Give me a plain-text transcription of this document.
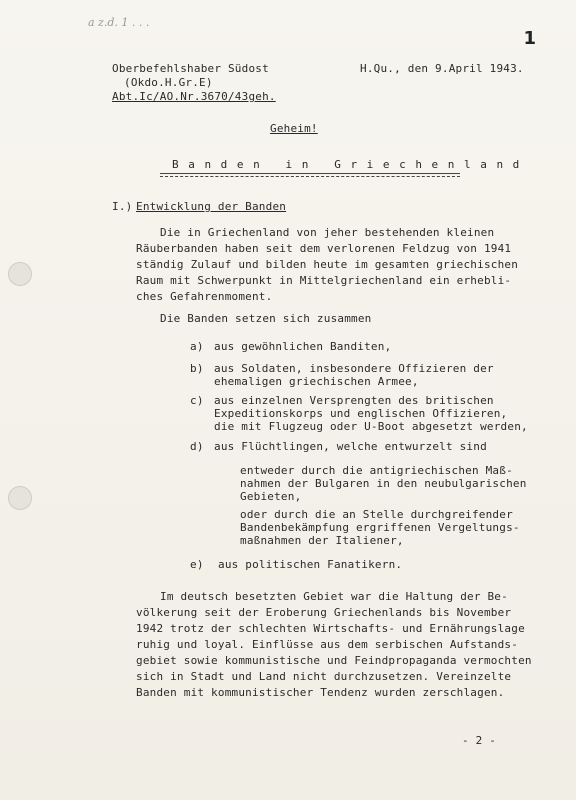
a z.d. 1 . . .
1
Oberbefehlshaber Südost
(Okdo.H.Gr.E)
Abt.Ic/AO.Nr.3670/43geh.
H.Qu., den 9.April 1943.
Geheim!
Banden in Griechenland
I.) Entwicklung der Banden
Die in Griechenland von jeher bestehenden kleinen
Räuberbanden haben seit dem verlorenen Feldzug von 1941
ständig Zulauf und bilden heute im gesamten griechischen
Raum mit Schwerpunkt in Mittelgriechenland ein erhebli-
ches Gefahrenmoment.
Die Banden setzen sich zusammen
a) aus gewöhnlichen Banditen,
b) aus Soldaten, insbesondere Offizieren der
ehemaligen griechischen Armee,
c) aus einzelnen Versprengten des britischen
Expeditionskorps und englischen Offizieren,
die mit Flugzeug oder U-Boot abgesetzt werden,
d) aus Flüchtlingen, welche entwurzelt sind
entweder durch die antigriechischen Maß-
nahmen der Bulgaren in den neubulgarischen
Gebieten,
oder durch die an Stelle durchgreifender
Bandenbekämpfung ergriffenen Vergeltungs-
maßnahmen der Italiener,
e) aus politischen Fanatikern.
Im deutsch besetzten Gebiet war die Haltung der Be-
völkerung seit der Eroberung Griechenlands bis November
1942 trotz der schlechten Wirtschafts- und Ernährungslage
ruhig und loyal. Einflüsse aus dem serbischen Aufstands-
gebiet sowie kommunistische und Feindpropaganda vermochten
sich in Stadt und Land nicht durchzusetzen. Vereinzelte
Banden mit kommunistischer Tendenz wurden zerschlagen.
- 2 -
